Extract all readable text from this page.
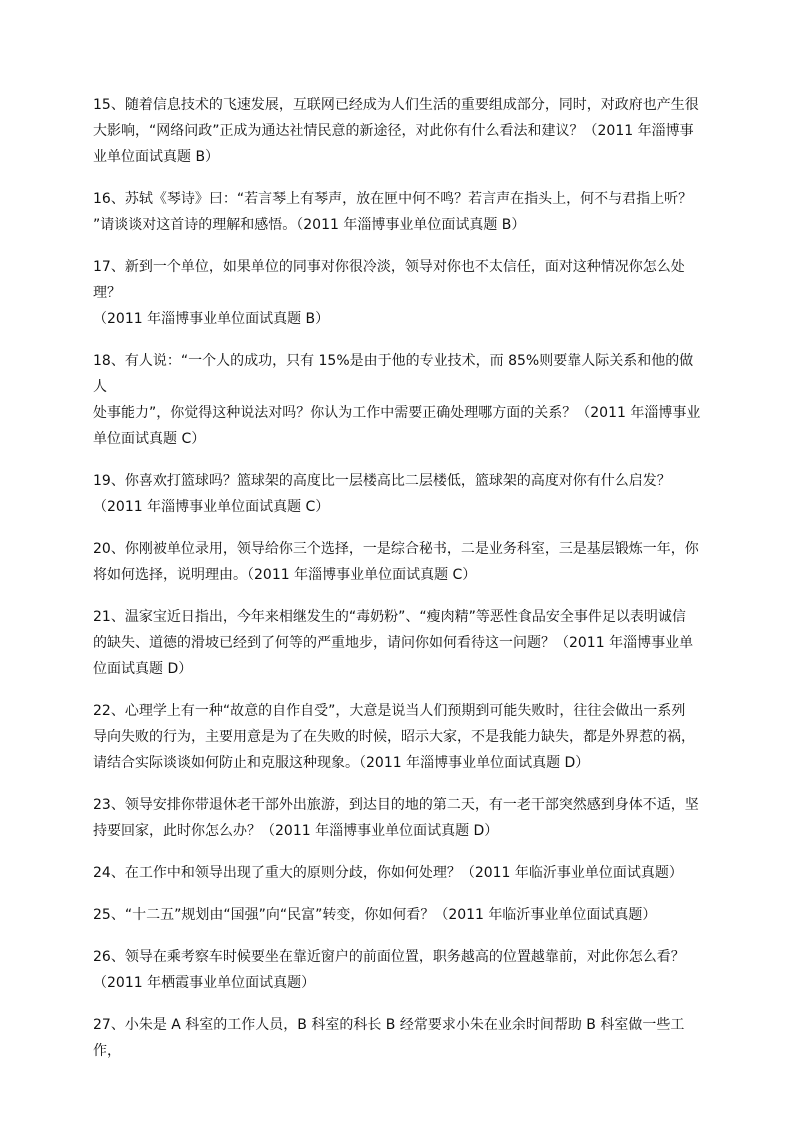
15、随着信息技术的飞速发展，互联网已经成为人们生活的重要组成部分，同时，对政府也产生很
大影响，“网络问政”正成为通达社情民意的新途径，对此你有什么看法和建议？（2011 年淄博事
业单位面试真题 B）
16、苏轼《琴诗》曰：“若言琴上有琴声，放在匣中何不鸣？若言声在指头上，何不与君指上听？
”请谈谈对这首诗的理解和感悟。（2011 年淄博事业单位面试真题 B）
17、新到一个单位，如果单位的同事对你很冷淡，领导对你也不太信任，面对这种情况你怎么处理？
（2011 年淄博事业单位面试真题 B）
18、有人说：“一个人的成功，只有 15%是由于他的专业技术，而 85%则要靠人际关系和他的做人
处事能力”，你觉得这种说法对吗？你认为工作中需要正确处理哪方面的关系？（2011 年淄博事业
单位面试真题 C）
19、你喜欢打篮球吗？篮球架的高度比一层楼高比二层楼低，篮球架的高度对你有什么启发？
（2011 年淄博事业单位面试真题 C）
20、你刚被单位录用，领导给你三个选择，一是综合秘书，二是业务科室，三是基层锻炼一年，你
将如何选择，说明理由。（2011 年淄博事业单位面试真题 C）
21、温家宝近日指出，今年来相继发生的“毒奶粉”、“瘦肉精”等恶性食品安全事件足以表明诚信
的缺失、道德的滑坡已经到了何等的严重地步，请问你如何看待这一问题？（2011 年淄博事业单
位面试真题 D）
22、心理学上有一种“故意的自作自受”，大意是说当人们预期到可能失败时，往往会做出一系列
导向失败的行为，主要用意是为了在失败的时候，昭示大家，不是我能力缺失，都是外界惹的祸，
请结合实际谈谈如何防止和克服这种现象。（2011 年淄博事业单位面试真题 D）
23、领导安排你带退休老干部外出旅游，到达目的地的第二天，有一老干部突然感到身体不适，坚
持要回家，此时你怎么办？（2011 年淄博事业单位面试真题 D）
24、在工作中和领导出现了重大的原则分歧，你如何处理？（2011 年临沂事业单位面试真题）
25、“十二五”规划由“国强”向“民富”转变，你如何看？（2011 年临沂事业单位面试真题）
26、领导在乘考察车时候要坐在靠近窗户的前面位置，职务越高的位置越靠前，对此你怎么看？
（2011 年栖霞事业单位面试真题）
27、小朱是 A 科室的工作人员，B 科室的科长 B 经常要求小朱在业余时间帮助 B 科室做一些工作，
